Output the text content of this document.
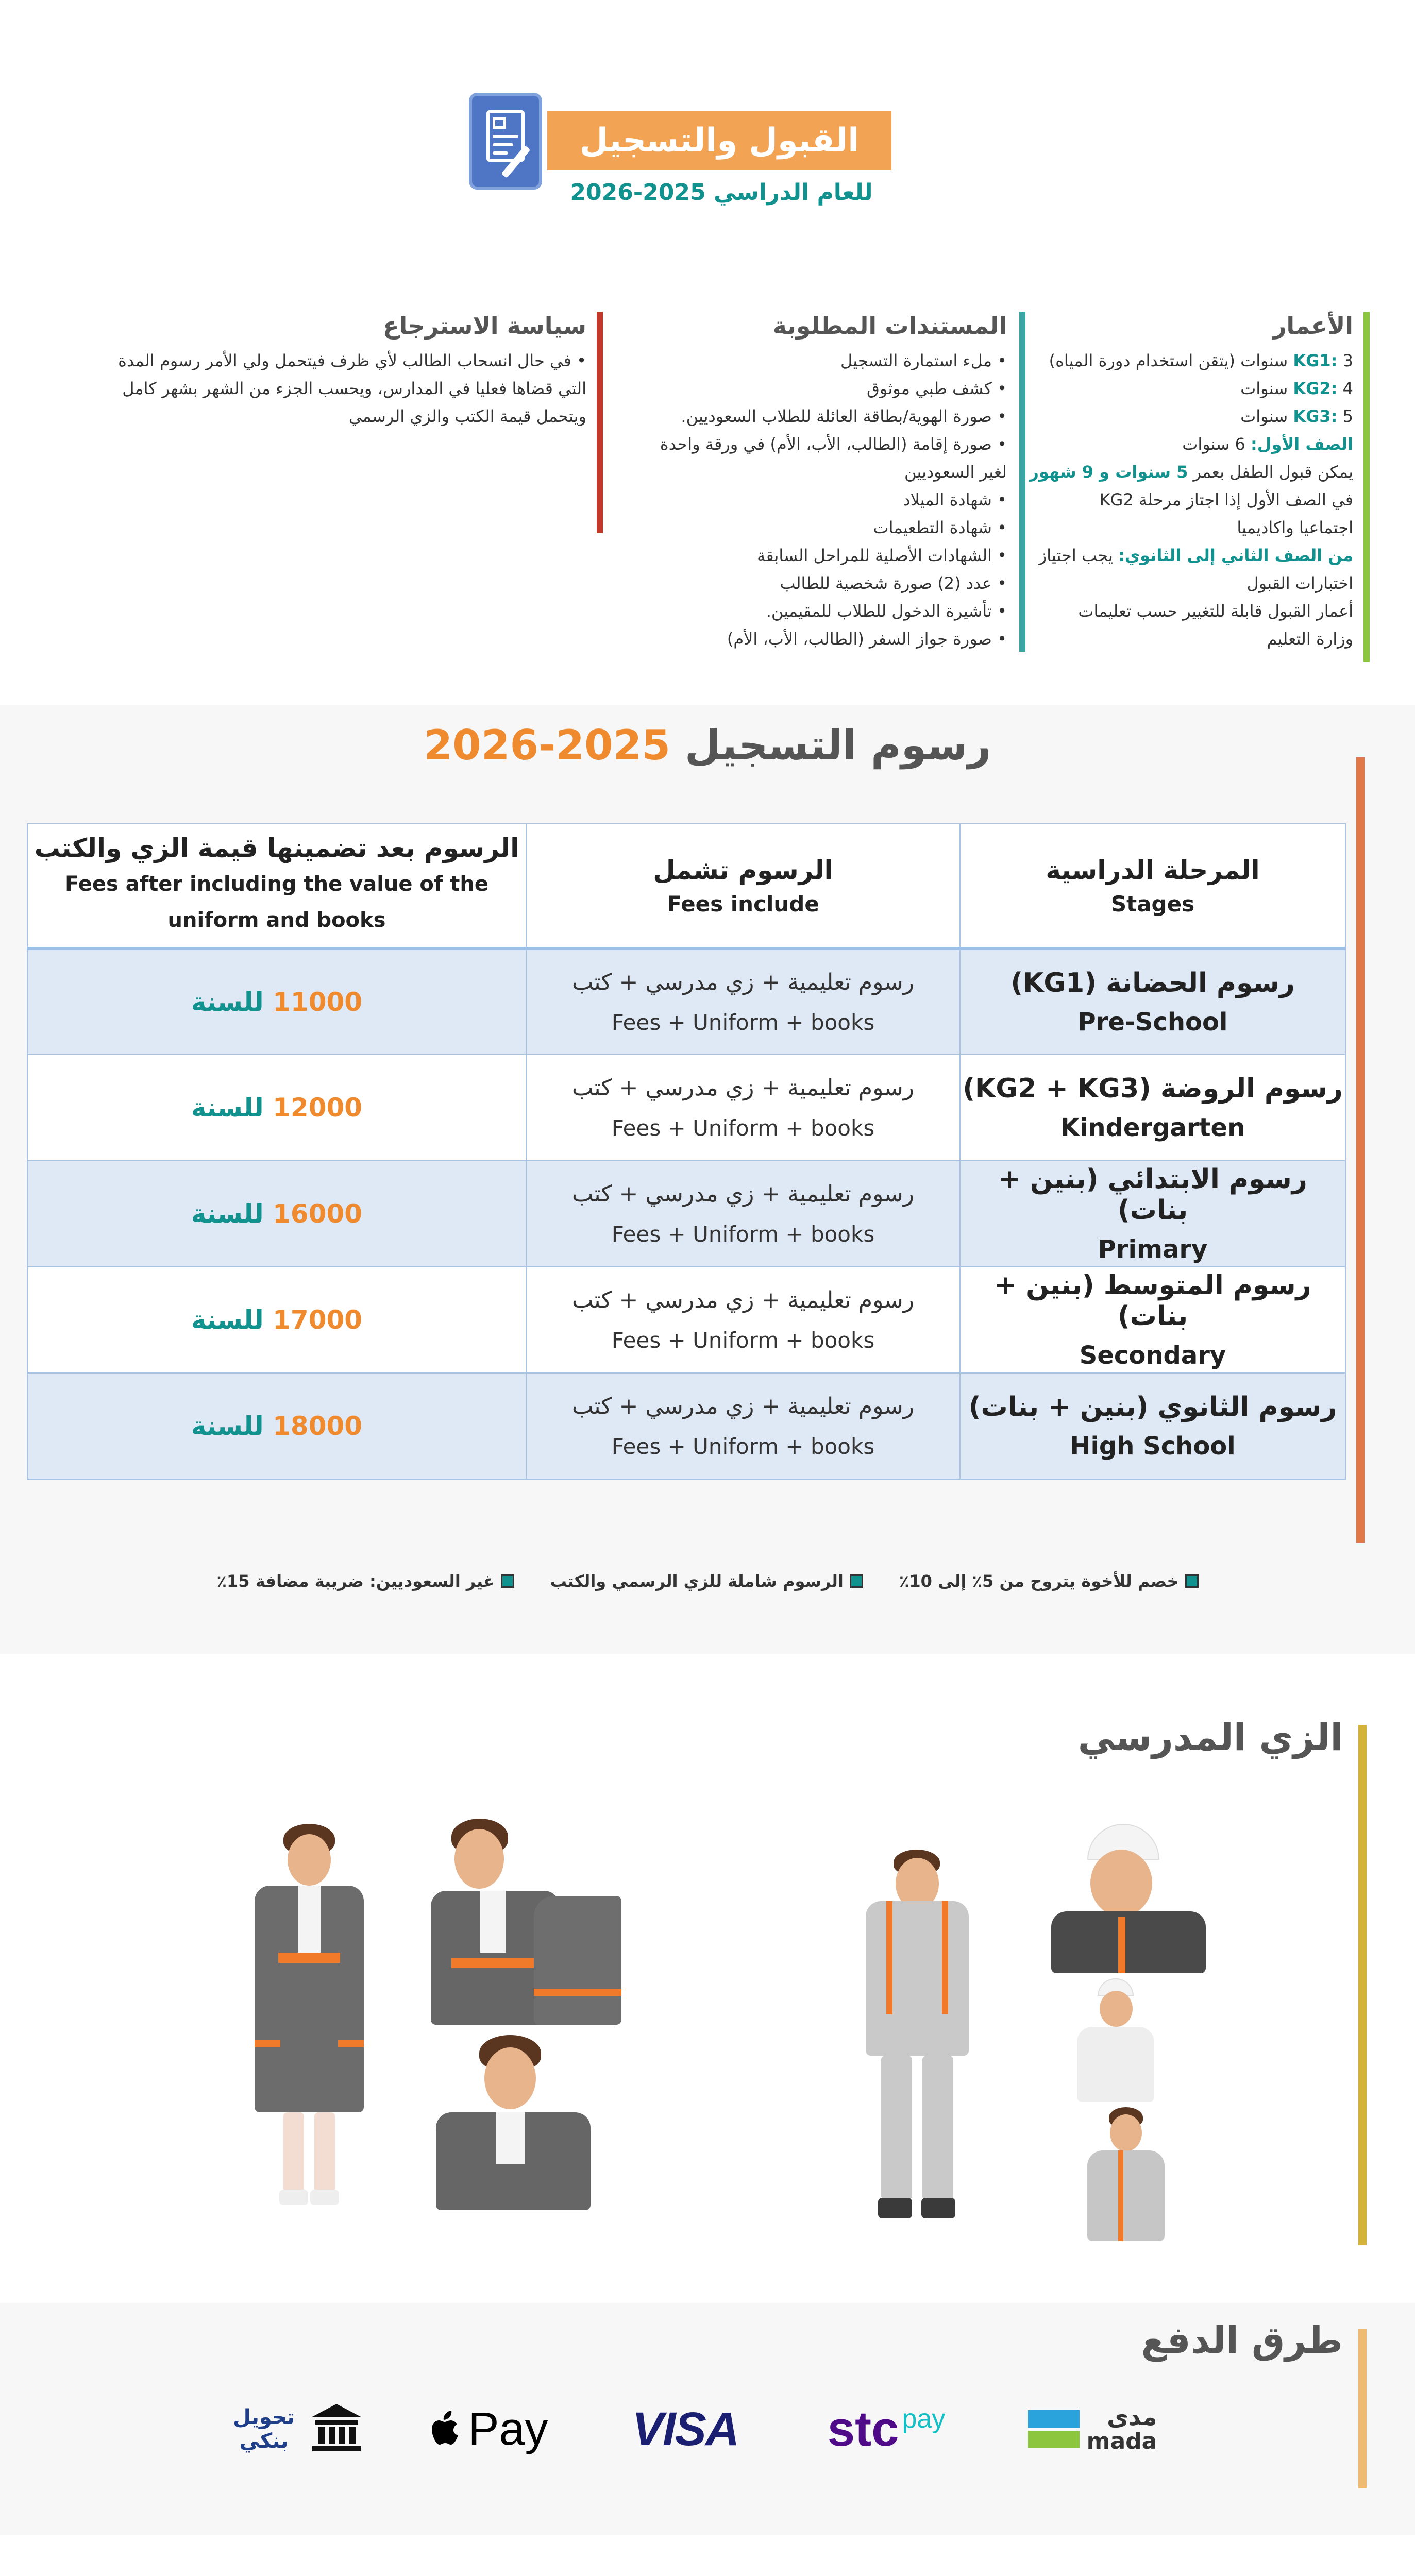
القبول والتسجيل
للعام الدراسي 2025-2026
الأعمار
KG1: 3 سنوات (يتقن استخدام دورة المياه)
KG2: 4 سنوات
KG3: 5 سنوات
الصف الأول: 6 سنوات
يمكن قبول الطفل بعمر 5 سنوات و 9 شهور
في الصف الأول إذا اجتاز مرحلة KG2
اجتماعيا واكاديميا
من الصف الثاني إلى الثانوي: يجب اجتياز
اختبارات القبول
أعمار القبول قابلة للتغيير حسب تعليمات
وزارة التعليم
المستندات المطلوبة
• ملء استمارة التسجيل
• كشف طبي موثوق
• صورة الهوية/بطاقة العائلة للطلاب السعوديين.
• صورة إقامة (الطالب، الأب، الأم) في ورقة واحدة
لغير السعوديين
• شهادة الميلاد
• شهادة التطعيمات
• الشهادات الأصلية للمراحل السابقة
• عدد (2) صورة شخصية للطالب
• تأشيرة الدخول للطلاب للمقيمين.
• صورة جواز السفر (الطالب، الأب، الأم)
سياسة الاسترجاع
• في حال انسحاب الطالب لأي ظرف فيتحمل ولي الأمر رسوم المدة
التي قضاها فعليا في المدارس، ويحسب الجزء من الشهر بشهر كامل
ويتحمل قيمة الكتب والزي الرسمي
رسوم التسجيل 2025-2026
المرحلة الدراسية
Stages	الرسوم تشمل
Fees include	الرسوم بعد تضمينها قيمة الزي والكتب
Fees after including the value of the uniform and books

رسوم الحضانة (KG1)
Pre-School	رسوم تعليمية + زي مدرسي + كتب
Fees + Uniform + books	11000 للسنة
رسوم الروضة (KG2 + KG3)
Kindergarten	رسوم تعليمية + زي مدرسي + كتب
Fees + Uniform + books	12000 للسنة
رسوم الابتدائي (بنين + بنات)
Primary	رسوم تعليمية + زي مدرسي + كتب
Fees + Uniform + books	16000 للسنة
رسوم المتوسط (بنين + بنات)
Secondary	رسوم تعليمية + زي مدرسي + كتب
Fees + Uniform + books	17000 للسنة
رسوم الثانوي (بنين + بنات)
High School	رسوم تعليمية + زي مدرسي + كتب
Fees + Uniform + books	18000 للسنة
خصم للأخوة يتروح من 5٪ إلى 10٪
الرسوم شاملة للزي الرسمي والكتب
غير السعوديين: ضريبة مضافة 15٪
الزي المدرسي
طرق الدفع
مدى
mada
stc pay
VISA
Pay
تحويل
بنكي
